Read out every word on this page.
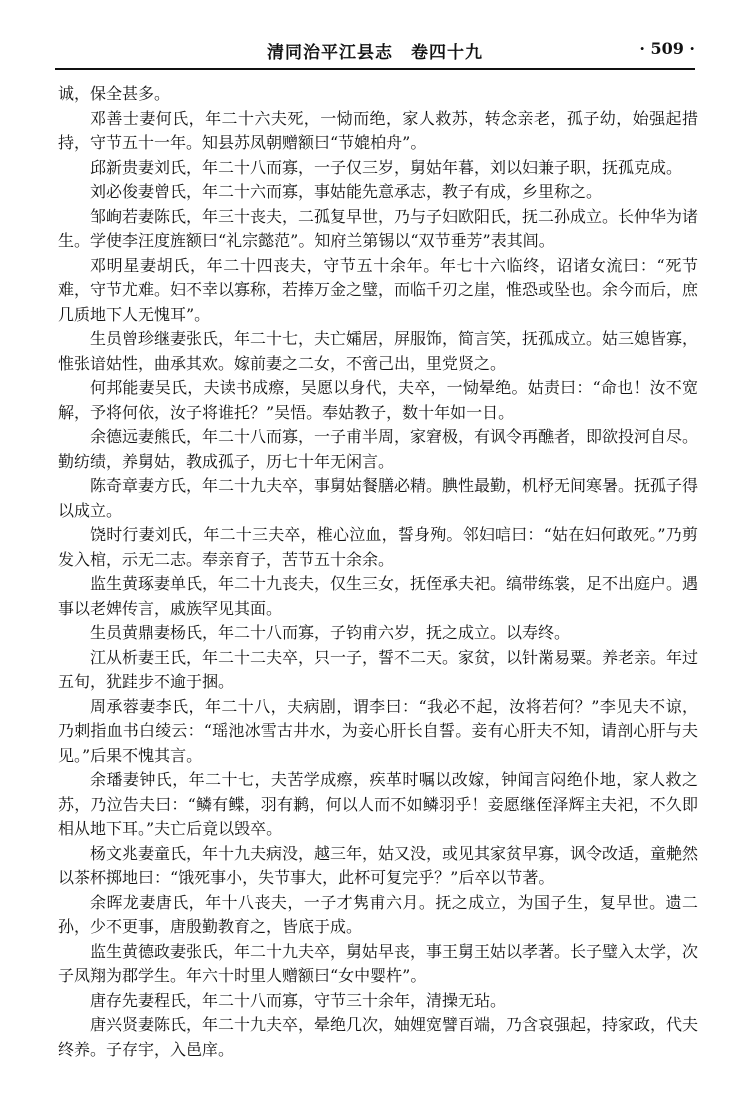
清同治平江县志　卷四十九	· 509 ·

诚，保全甚多。

邓善士妻何氏，年二十六夫死，一恸而绝，家人救苏，转念亲老，孤子幼，始强起措持，守节五十一年。知县苏凤朝赠额曰“节媲柏舟”。

邱新贵妻刘氏，年二十八而寡，一子仅三岁，舅姑年暮，刘以妇兼子职，抚孤克成。

刘必俊妻曾氏，年二十六而寡，事姑能先意承志，教子有成，乡里称之。

邹峋若妻陈氏，年三十丧夫，二孤复早世，乃与子妇欧阳氏，抚二孙成立。长仲华为诸生。学使李汪度旌额曰“礼宗懿范”。知府兰第锡以“双节垂芳”表其闾。

邓明星妻胡氏，年二十四丧夫，守节五十余年。年七十六临终，诏诸女流曰：“死节难，守节尤难。妇不幸以寡称，若捧万金之璧，而临千刃之崖，惟恐或坠也。余今而后，庶几质地下人无愧耳”。

生员曾珍继妻张氏，年二十七，夫亡孀居，屏服饰，简言笑，抚孤成立。姑三媳皆寡，惟张谙姑性，曲承其欢。嫁前妻之二女，不啻己出，里党贤之。

何邦能妻吴氏，夫读书成瘵，吴愿以身代，夫卒，一恸晕绝。姑责曰：“命也！汝不宽解，予将何依，汝子将谁托？”吴悟。奉姑教子，数十年如一日。

余德远妻熊氏，年二十八而寡，一子甫半周，家窘极，有讽令再醮者，即欲投河自尽。勤纺绩，养舅姑，教成孤子，历七十年无闲言。

陈奇章妻方氏，年二十九夫卒，事舅姑餐膳必精。腆性最勤，机杼无间寒暑。抚孤子得以成立。

饶时行妻刘氏，年二十三夫卒，椎心泣血，誓身殉。邻妇唁曰：“姑在妇何敢死。”乃剪发入棺，示无二志。奉亲育子，苦节五十余余。

监生黄琢妻单氏，年二十九丧夫，仅生三女，抚侄承夫祀。缟带练裳，足不出庭户。遇事以老婢传言，戚族罕见其面。

生员黄鼎妻杨氏，年二十八而寡，子钧甫六岁，抚之成立。以寿终。

江从析妻王氏，年二十二夫卒，只一子，誓不二天。家贫，以针黹易粟。养老亲。年过五旬，犹跬步不逾于捆。

周承蓉妻李氏，年二十八，夫病剧，谓李曰：“我必不起，汝将若何？”李见夫不谅，乃刺指血书白绫云：“瑶池冰雪古井水，为妾心肝长自誓。妾有心肝夫不知，请剖心肝与夫见。”后果不愧其言。

余璠妻钟氏，年二十七，夫苦学成瘵，疾革时嘱以改嫁，钟闻言闷绝仆地，家人救之苏，乃泣告夫曰：“鳞有鲽，羽有鹣，何以人而不如鳞羽乎！妾愿继侄泽辉主夫祀，不久即相从地下耳。”夫亡后竟以毁卒。

杨文兆妻童氏，年十九夫病没，越三年，姑又没，或见其家贫早寡，讽令改适，童艴然以茶杯掷地曰：“饿死事小，失节事大，此杯可复完乎？”后卒以节著。

余晖龙妻唐氏，年十八丧夫，一子才隽甫六月。抚之成立，为国子生，复早世。遗二孙，少不更事，唐殷勤教育之，皆底于成。

监生黄德政妻张氏，年二十九夫卒，舅姑早丧，事王舅王姑以孝著。长子璧入太学，次子凤翔为郡学生。年六十时里人赠额曰“女中婴杵”。

唐存先妻程氏，年二十八而寡，守节三十余年，清操无玷。

唐兴贤妻陈氏，年二十九夫卒，晕绝几次，妯娌宽譬百端，乃含哀强起，持家政，代夫终养。子存宇，入邑庠。
